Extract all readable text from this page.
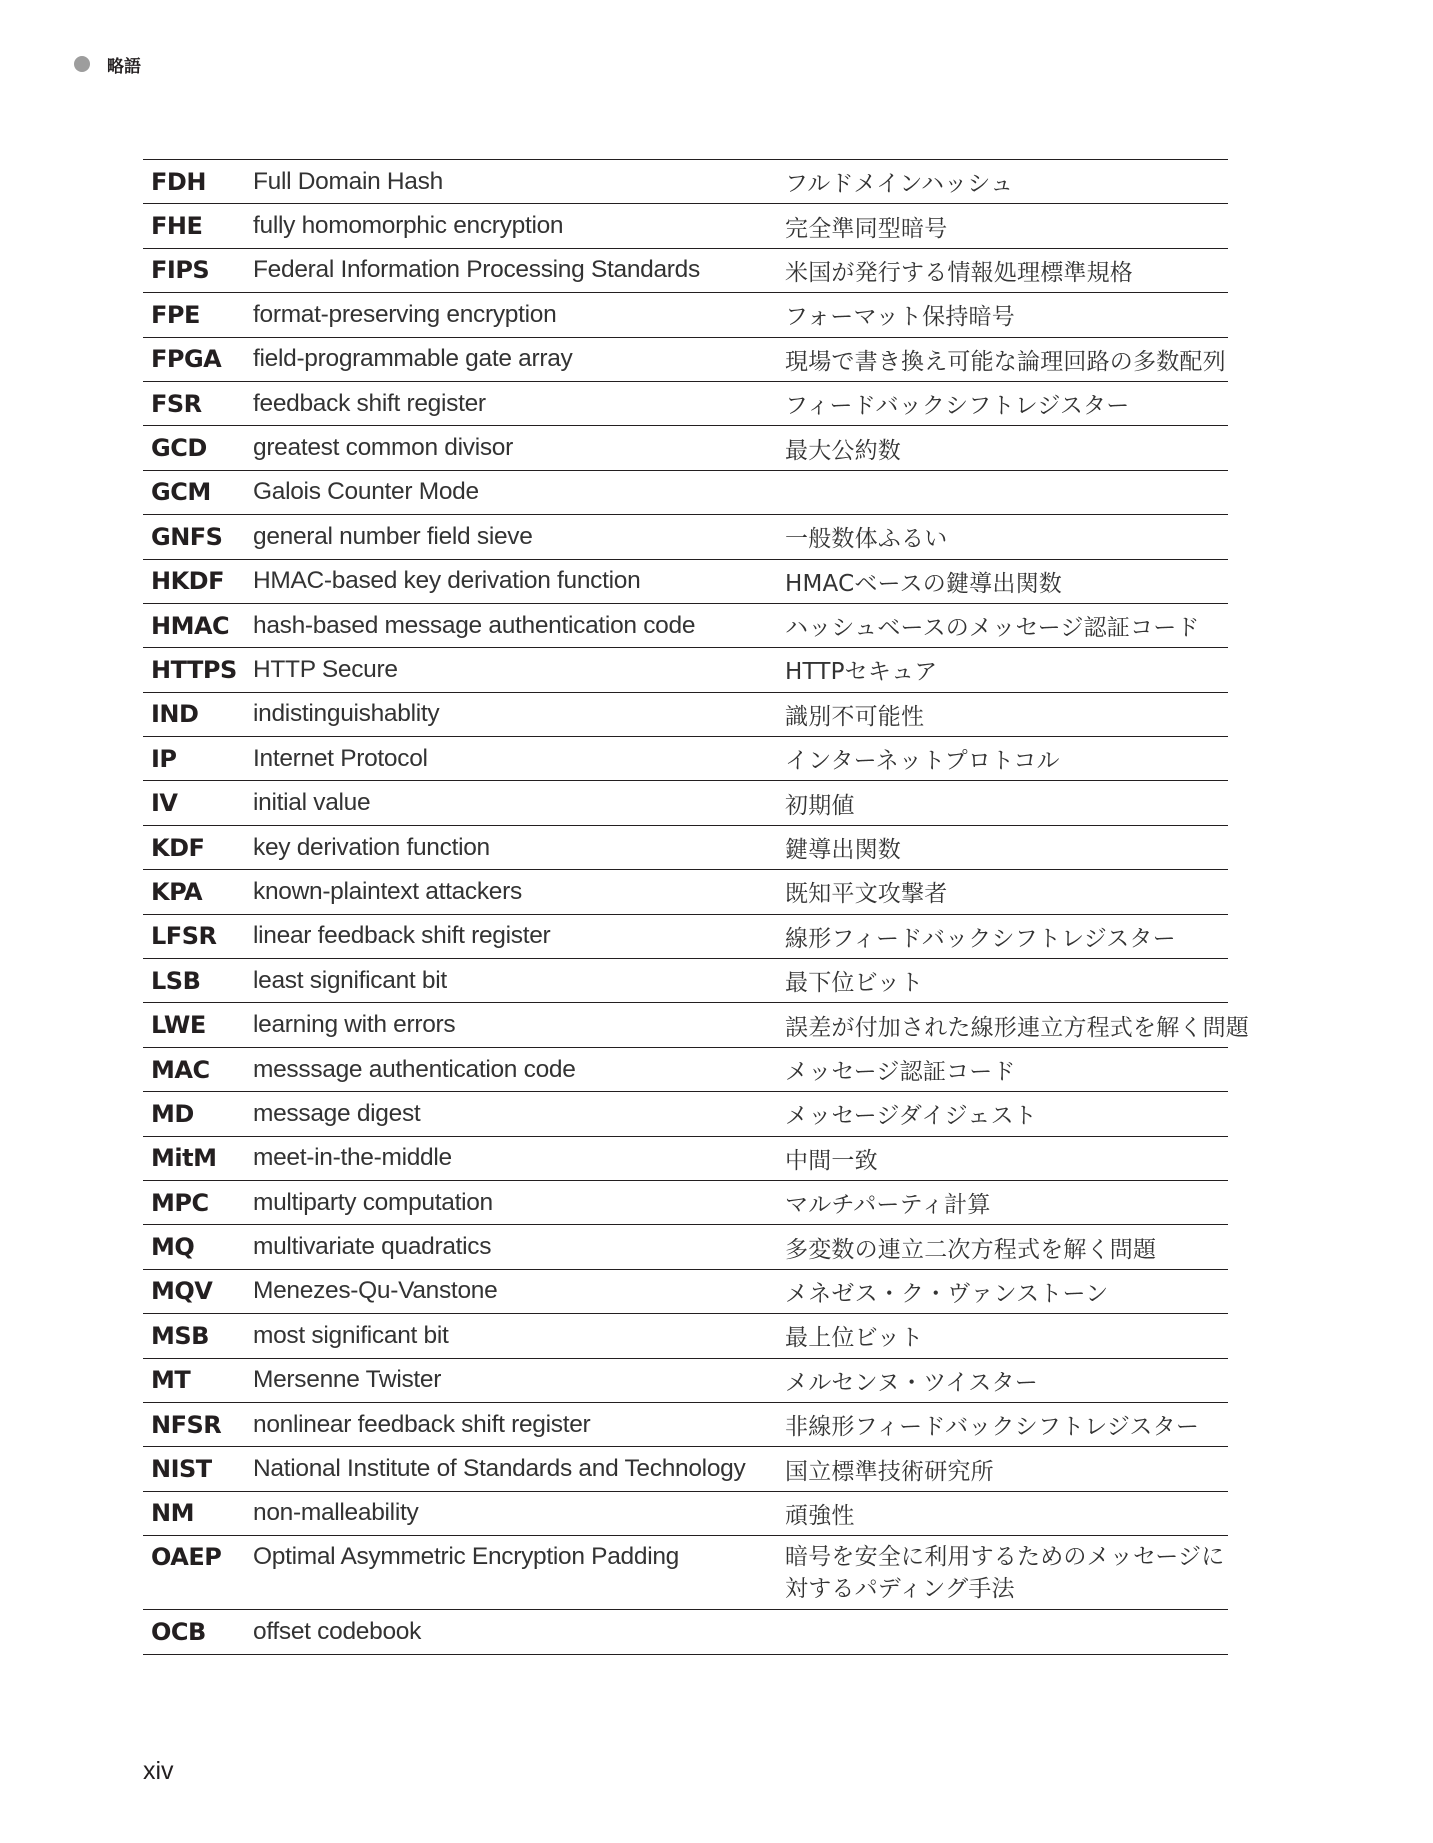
略語
FDH	Full Domain Hash	フルドメインハッシュ
FHE	fully homomorphic encryption	完全準同型暗号
FIPS	Federal Information Processing Standards	米国が発行する情報処理標準規格
FPE	format-preserving encryption	フォーマット保持暗号
FPGA	field-programmable gate array	現場で書き換え可能な論理回路の多数配列
FSR	feedback shift register	フィードバックシフトレジスター
GCD	greatest common divisor	最大公約数
GCM	Galois Counter Mode	
GNFS	general number field sieve	一般数体ふるい
HKDF	HMAC-based key derivation function	HMACベースの鍵導出関数
HMAC	hash-based message authentication code	ハッシュベースのメッセージ認証コード
HTTPS	HTTP Secure	HTTPセキュア
IND	indistinguishablity	識別不可能性
IP	Internet Protocol	インターネットプロトコル
IV	initial value	初期値
KDF	key derivation function	鍵導出関数
KPA	known-plaintext attackers	既知平文攻撃者
LFSR	linear feedback shift register	線形フィードバックシフトレジスター
LSB	least significant bit	最下位ビット
LWE	learning with errors	誤差が付加された線形連立方程式を解く問題
MAC	messsage authentication code	メッセージ認証コード
MD	message digest	メッセージダイジェスト
MitM	meet-in-the-middle	中間一致
MPC	multiparty computation	マルチパーティ計算
MQ	multivariate quadratics	多変数の連立二次方程式を解く問題
MQV	Menezes-Qu-Vanstone	メネゼス・ク・ヴァンストーン
MSB	most significant bit	最上位ビット
MT	Mersenne Twister	メルセンヌ・ツイスター
NFSR	nonlinear feedback shift register	非線形フィードバックシフトレジスター
NIST	National Institute of Standards and Technology	国立標準技術研究所
NM	non-malleability	頑強性
OAEP	Optimal Asymmetric Encryption Padding	暗号を安全に利用するためのメッセージに対するパディング手法
OCB	offset codebook	
xiv
